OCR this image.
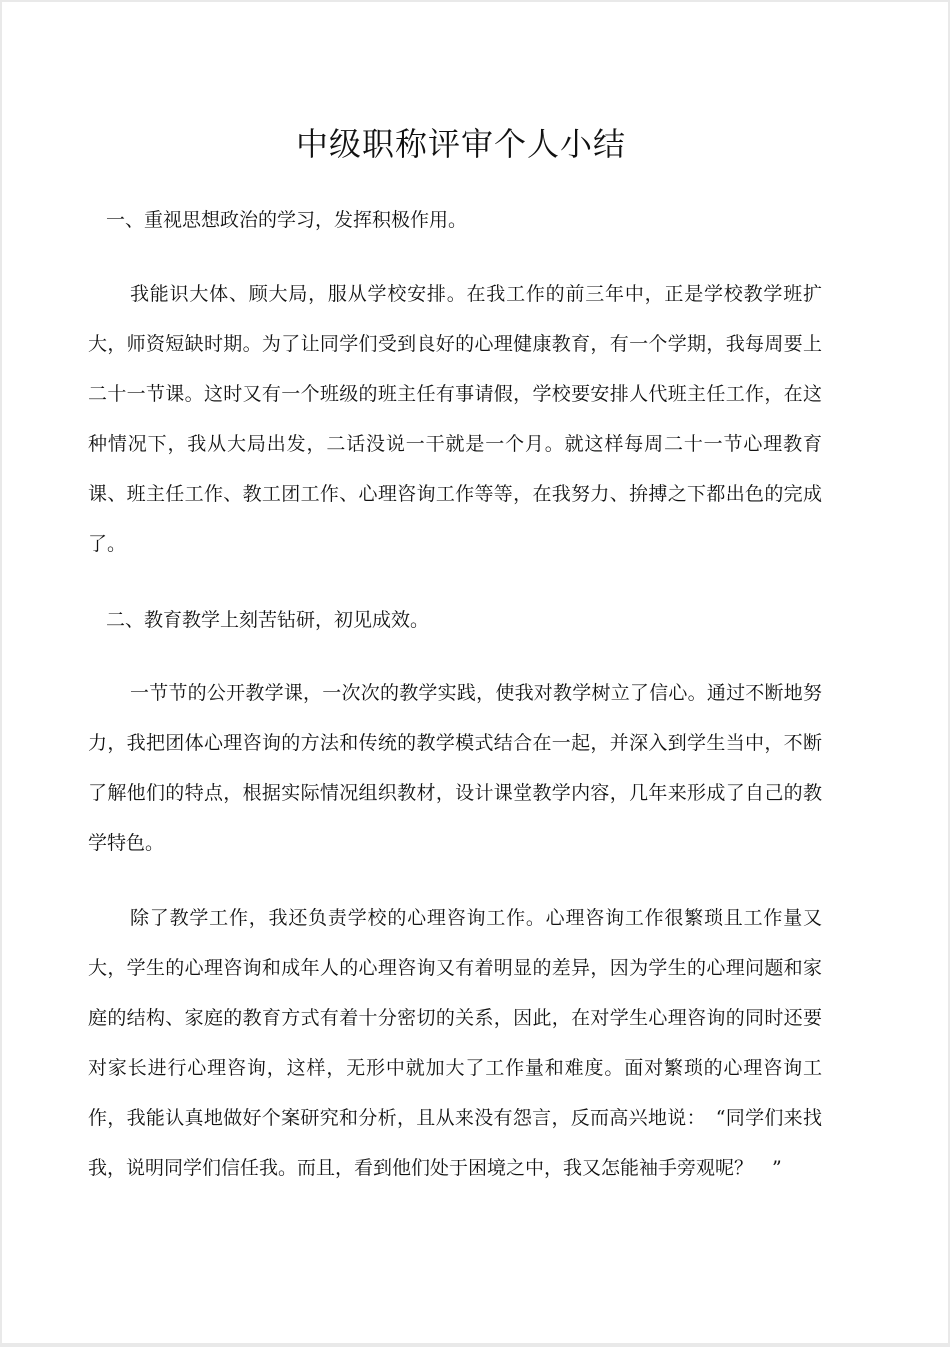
中级职称评审个人小结

一、重视思想政治的学习，发挥积极作用。

我能识大体、顾大局，服从学校安排。在我工作的前三年中，正是学校教学班扩大，师资短缺时期。为了让同学们受到良好的心理健康教育，有一个学期，我每周要上二十一节课。这时又有一个班级的班主任有事请假，学校要安排人代班主任工作，在这种情况下，我从大局出发，二话没说一干就是一个月。就这样每周二十一节心理教育课、班主任工作、教工团工作、心理咨询工作等等，在我努力、拚搏之下都出色的完成了。

二、教育教学上刻苦钻研，初见成效。

一节节的公开教学课，一次次的教学实践，使我对教学树立了信心。通过不断地努力，我把团体心理咨询的方法和传统的教学模式结合在一起，并深入到学生当中，不断了解他们的特点，根据实际情况组织教材，设计课堂教学内容，几年来形成了自己的教学特色。

除了教学工作，我还负责学校的心理咨询工作。心理咨询工作很繁琐且工作量又大，学生的心理咨询和成年人的心理咨询又有着明显的差异，因为学生的心理问题和家庭的结构、家庭的教育方式有着十分密切的关系，因此，在对学生心理咨询的同时还要对家长进行心理咨询，这样，无形中就加大了工作量和难度。面对繁琐的心理咨询工作，我能认真地做好个案研究和分析，且从来没有怨言，反而高兴地说：　“同学们来找我，说明同学们信任我。而且，看到他们处于困境之中，我又怎能袖手旁观呢？　”
